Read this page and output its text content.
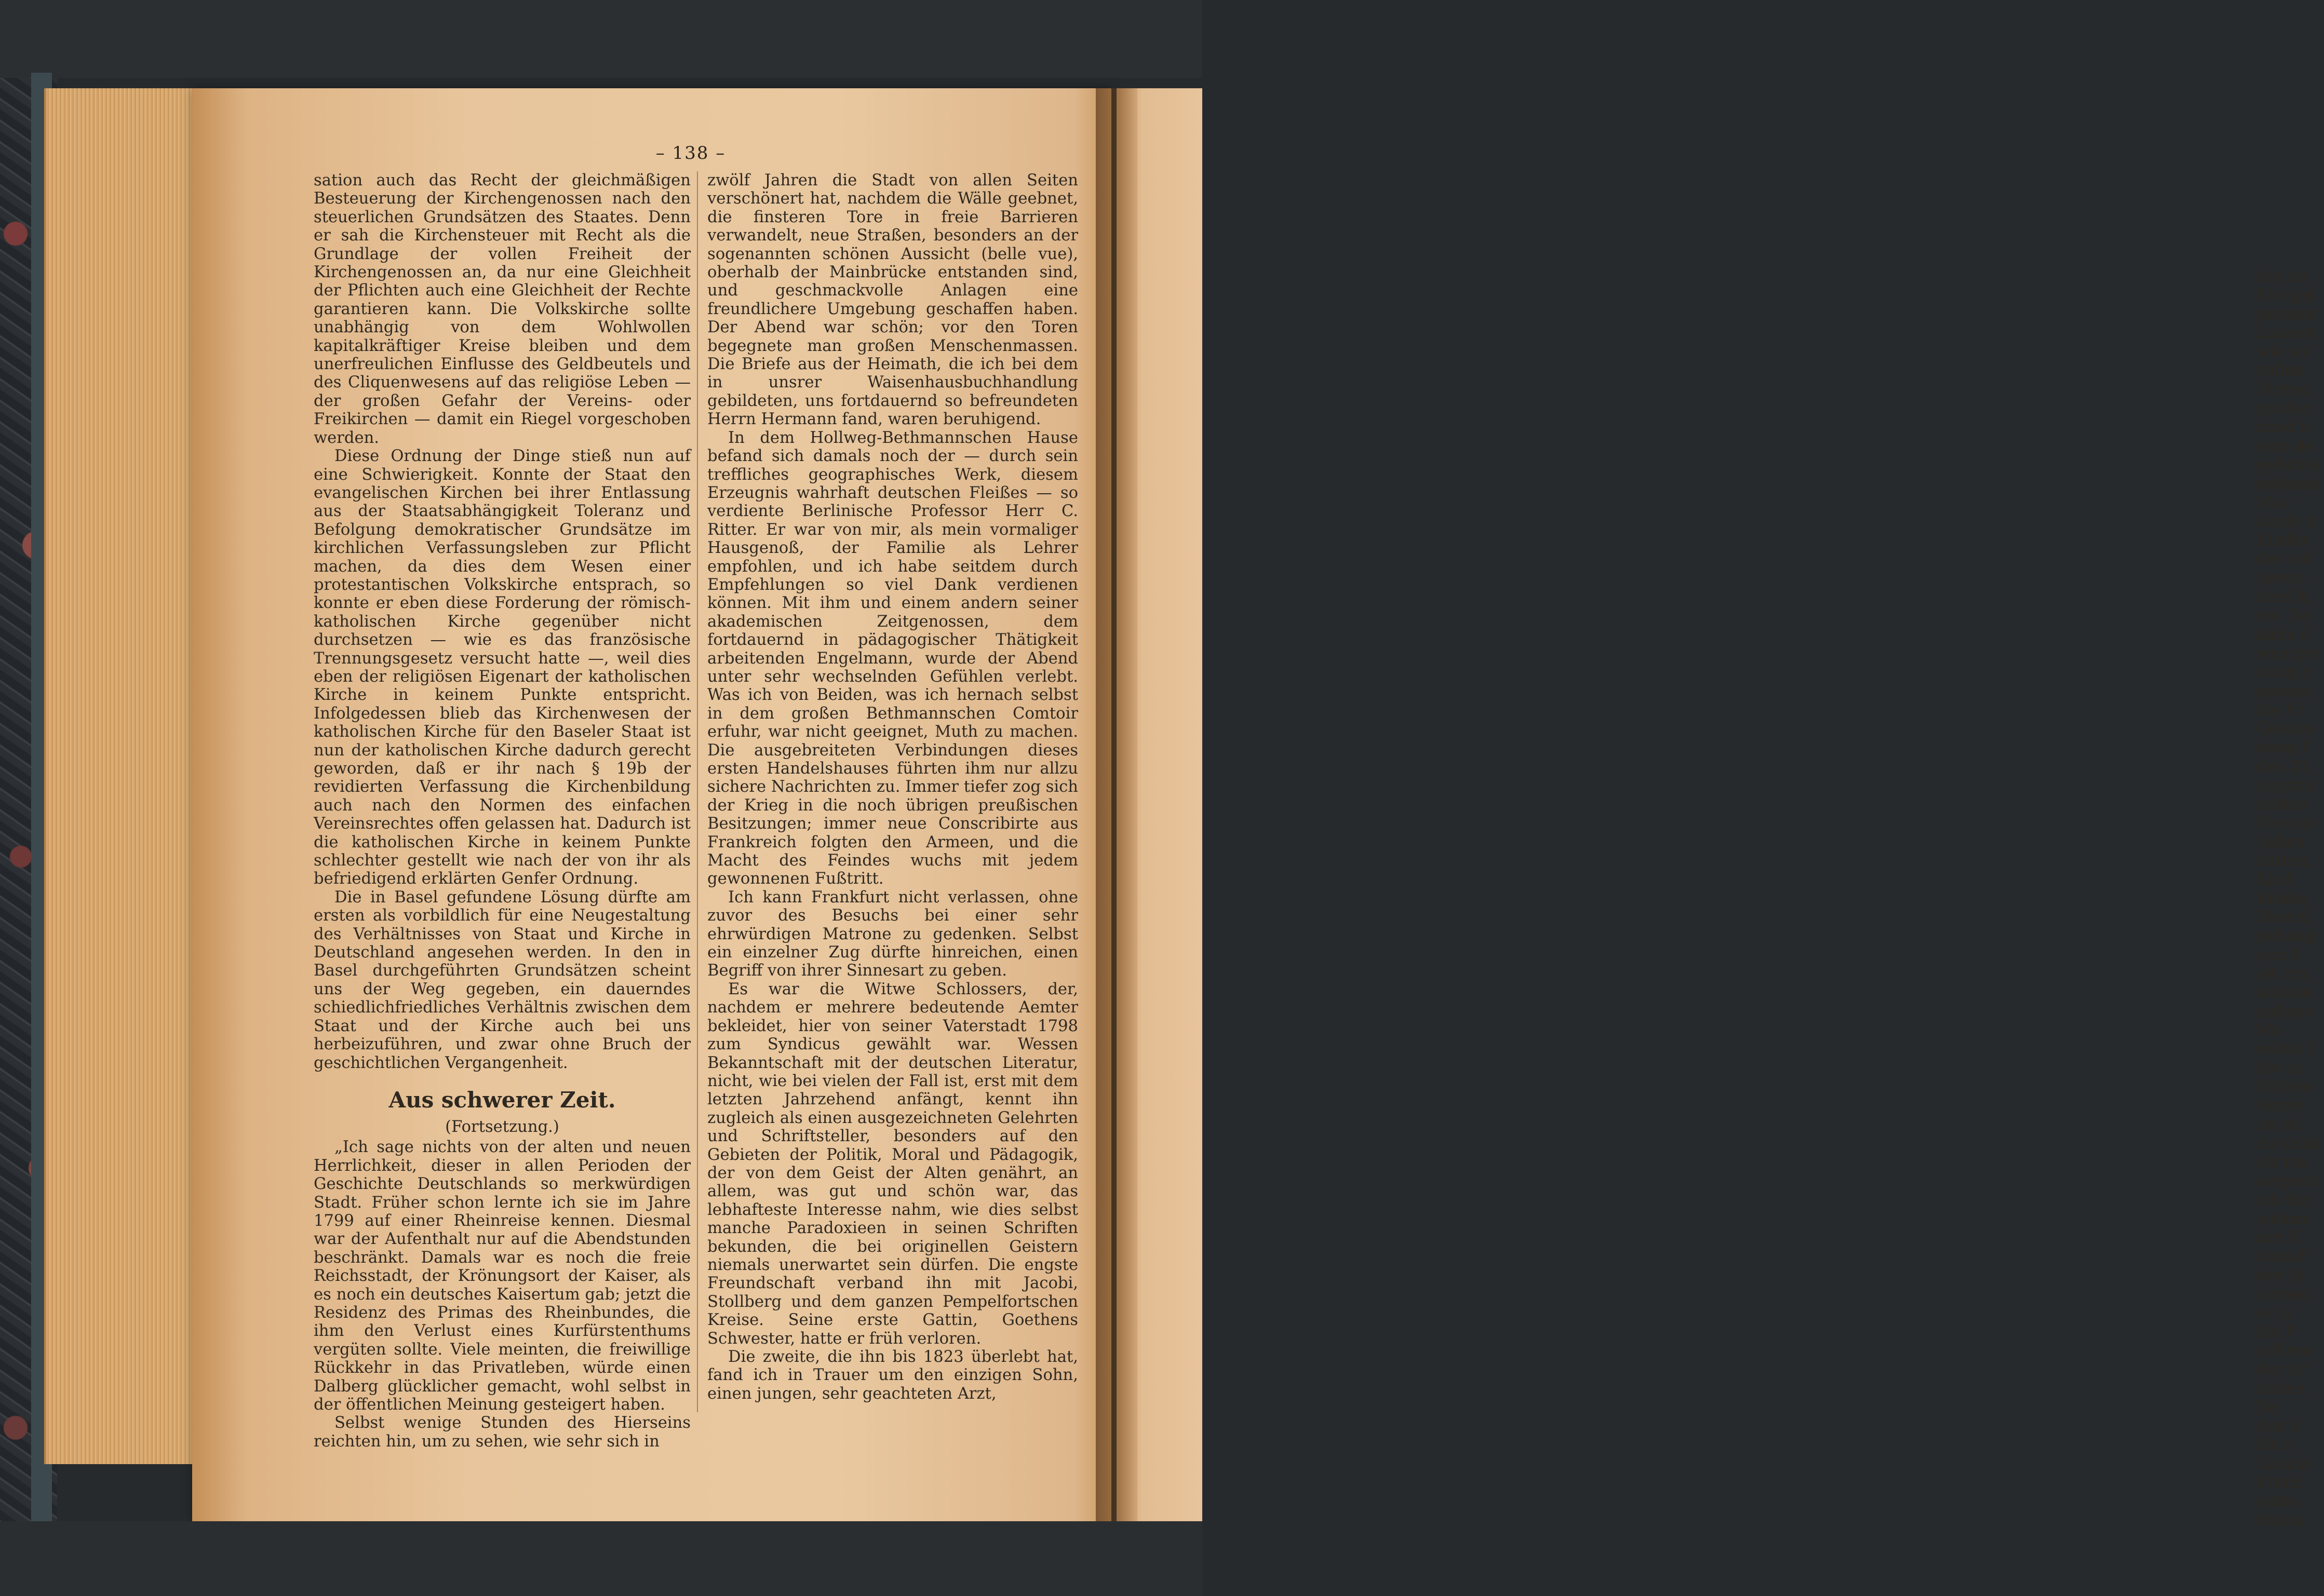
der au
Königsl
geraten
Lazaret
wie so
vollen
Mutter
großer
mied n
kam de
geliebte
gekannt
Mar
Laufe d
Kinder
der vol
lieren,
alles k
sei. Da
kann d
weniger
nung e
gessen,
die Fr
Geistes
dung f
den Zi
nigsten
leisten
Dienste
Leben
hatten.
Kind
Knabe,
Bewuß
gehang
nun f
oft ich
schöne
aufgeri
Wo
selbst i
die so
fühlten
Vorzei
im eh
zurückb
als me
siegend
ich ihn
wähnu
der K
hinzuf
der Ai
lohnen
es ja
die P
nähren
der Er
haben.
Da
den z
als e
Landst
Franz
hatte.
Stätte
– 138 –

sation auch das Recht der gleichmäßigen Besteuerung der Kirchengenossen nach den steuerlichen Grundsätzen des Staates. Denn er sah die Kirchensteuer mit Recht als die Grundlage der vollen Freiheit der Kirchengenossen an, da nur eine Gleichheit der Pflichten auch eine Gleichheit der Rechte garantieren kann. Die Volkskirche sollte unabhängig von dem Wohlwollen kapitalkräftiger Kreise bleiben und dem unerfreulichen Einflusse des Geldbeutels und des Cliquenwesens auf das religiöse Leben — der großen Gefahr der Vereins- oder Freikirchen — damit ein Riegel vorgeschoben werden.

Diese Ordnung der Dinge stieß nun auf eine Schwierigkeit. Konnte der Staat den evangelischen Kirchen bei ihrer Entlassung aus der Staatsabhängigkeit Toleranz und Befolgung demokratischer Grundsätze im kirchlichen Verfassungsleben zur Pflicht machen, da dies dem Wesen einer protestantischen Volkskirche entsprach, so konnte er eben diese Forderung der römisch-katholischen Kirche gegenüber nicht durchsetzen — wie es das französische Trennungsgesetz versucht hatte —, weil dies eben der religiösen Eigenart der katholischen Kirche in keinem Punkte entspricht. Infolgedessen blieb das Kirchenwesen der katholischen Kirche für den Baseler Staat ist nun der katholischen Kirche dadurch gerecht geworden, daß er ihr nach § 19b der revidierten Verfassung die Kirchenbildung auch nach den Normen des einfachen Vereinsrechtes offen gelassen hat. Dadurch ist die katholischen Kirche in keinem Punkte schlechter gestellt wie nach der von ihr als befriedigend erklärten Genfer Ordnung.

Die in Basel gefundene Lösung dürfte am ersten als vorbildlich für eine Neugestaltung des Verhältnisses von Staat und Kirche in Deutschland angesehen werden. In den in Basel durchgeführten Grundsätzen scheint uns der Weg gegeben, ein dauerndes schiedlichfriedliches Verhältnis zwischen dem Staat und der Kirche auch bei uns herbeizuführen, und zwar ohne Bruch der geschichtlichen Vergangenheit.

Aus schwerer Zeit.
(Fortsetzung.)

„Ich sage nichts von der alten und neuen Herrlichkeit, dieser in allen Perioden der Geschichte Deutschlands so merkwürdigen Stadt. Früher schon lernte ich sie im Jahre 1799 auf einer Rheinreise kennen. Diesmal war der Aufenthalt nur auf die Abendstunden beschränkt. Damals war es noch die freie Reichsstadt, der Krönungsort der Kaiser, als es noch ein deutsches Kaisertum gab; jetzt die Residenz des Primas des Rheinbundes, die ihm den Verlust eines Kurfürstenthums vergüten sollte. Viele meinten, die freiwillige Rückkehr in das Privatleben, würde einen Dalberg glücklicher gemacht, wohl selbst in der öffentlichen Meinung gesteigert haben.

Selbst wenige Stunden des Hierseins reichten hin, um zu sehen, wie sehr sich in

zwölf Jahren die Stadt von allen Seiten verschönert hat, nachdem die Wälle geebnet, die finsteren Tore in freie Barrieren verwandelt, neue Straßen, besonders an der sogenannten schönen Aussicht (belle vue), oberhalb der Mainbrücke entstanden sind, und geschmackvolle Anlagen eine freundlichere Umgebung geschaffen haben. Der Abend war schön; vor den Toren begegnete man großen Menschenmassen. Die Briefe aus der Heimath, die ich bei dem in unsrer Waisenhausbuchhandlung gebildeten, uns fortdauernd so befreundeten Herrn Hermann fand, waren beruhigend.

In dem Hollweg-Bethmannschen Hause befand sich damals noch der — durch sein treffliches geographisches Werk, diesem Erzeugnis wahrhaft deutschen Fleißes — so verdiente Berlinische Professor Herr C. Ritter. Er war von mir, als mein vormaliger Hausgenoß, der Familie als Lehrer empfohlen, und ich habe seitdem durch Empfehlungen so viel Dank verdienen können. Mit ihm und einem andern seiner akademischen Zeitgenossen, dem fortdauernd in pädagogischer Thätigkeit arbeitenden Engelmann, wurde der Abend unter sehr wechselnden Gefühlen verlebt. Was ich von Beiden, was ich hernach selbst in dem großen Bethmannschen Comtoir erfuhr, war nicht geeignet, Muth zu machen. Die ausgebreiteten Verbindungen dieses ersten Handelshauses führten ihm nur allzu sichere Nachrichten zu. Immer tiefer zog sich der Krieg in die noch übrigen preußischen Besitzungen; immer neue Conscribirte aus Frankreich folgten den Armeen, und die Macht des Feindes wuchs mit jedem gewonnenen Fußtritt.

Ich kann Frankfurt nicht verlassen, ohne zuvor des Besuchs bei einer sehr ehrwürdigen Matrone zu gedenken. Selbst ein einzelner Zug dürfte hinreichen, einen Begriff von ihrer Sinnesart zu geben.

Es war die Witwe Schlossers, der, nachdem er mehrere bedeutende Aemter bekleidet, hier von seiner Vaterstadt 1798 zum Syndicus gewählt war. Wessen Bekanntschaft mit der deutschen Literatur, nicht, wie bei vielen der Fall ist, erst mit dem letzten Jahrzehend anfängt, kennt ihn zugleich als einen ausgezeichneten Gelehrten und Schriftsteller, besonders auf den Gebieten der Politik, Moral und Pädagogik, der von dem Geist der Alten genährt, an allem, was gut und schön war, das lebhafteste Interesse nahm, wie dies selbst manche Paradoxieen in seinen Schriften bekunden, die bei originellen Geistern niemals unerwartet sein dürfen. Die engste Freundschaft verband ihn mit Jacobi, Stollberg und dem ganzen Pempelfortschen Kreise. Seine erste Gattin, Goethens Schwester, hatte er früh verloren.

Die zweite, die ihn bis 1823 überlebt hat, fand ich in Trauer um den einzigen Sohn, einen jungen, sehr geachteten Arzt,
